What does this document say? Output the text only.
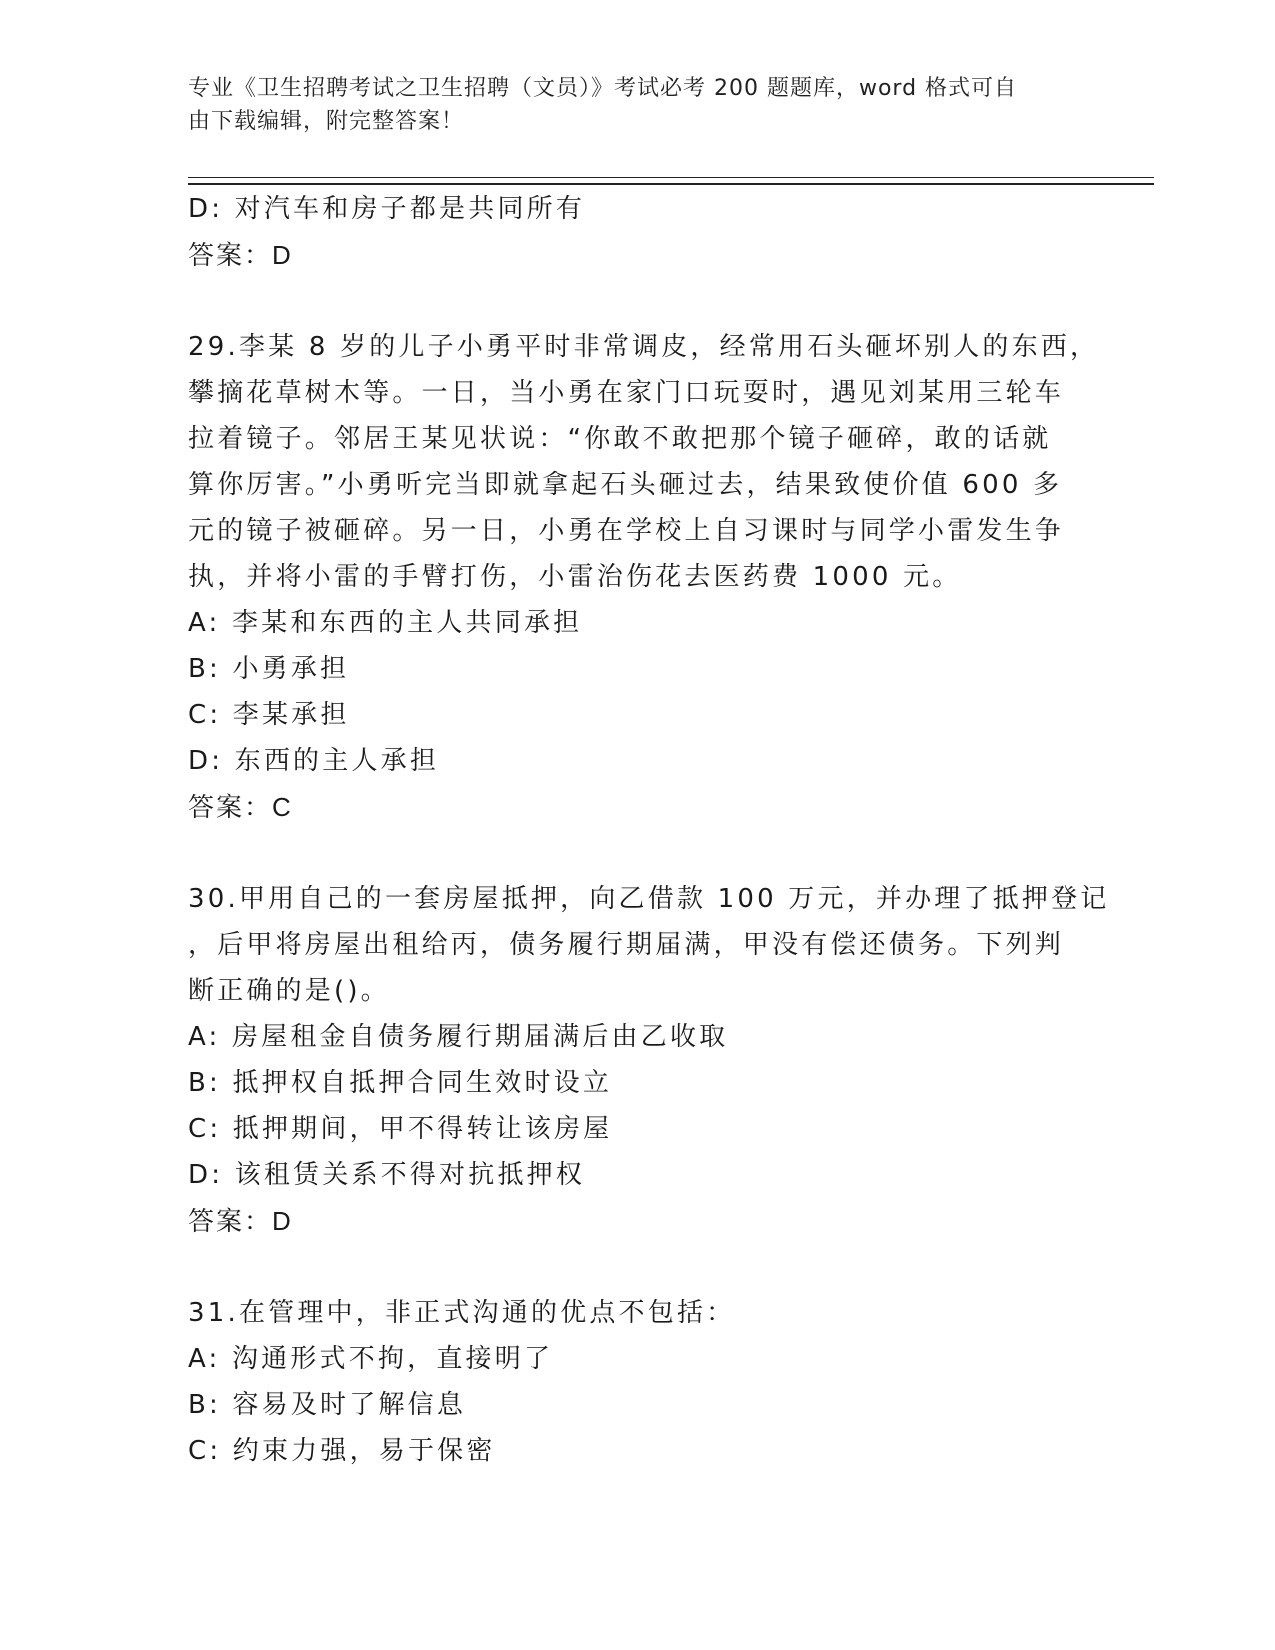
专业《卫生招聘考试之卫生招聘（文员）》考试必考 200 题题库，word 格式可自
由下载编辑，附完整答案！
D: 对汽车和房子都是共同所有
答案：D
29.李某 8 岁的儿子小勇平时非常调皮，经常用石头砸坏别人的东西，
攀摘花草树木等。一日，当小勇在家门口玩耍时，遇见刘某用三轮车
拉着镜子。邻居王某见状说：“你敢不敢把那个镜子砸碎，敢的话就
算你厉害。”小勇听完当即就拿起石头砸过去，结果致使价值 600 多
元的镜子被砸碎。另一日，小勇在学校上自习课时与同学小雷发生争
执，并将小雷的手臂打伤，小雷治伤花去医药费 1000 元。
A: 李某和东西的主人共同承担
B: 小勇承担
C: 李某承担
D: 东西的主人承担
答案：C
30.甲用自己的一套房屋抵押，向乙借款 100 万元，并办理了抵押登记
，后甲将房屋出租给丙，债务履行期届满，甲没有偿还债务。下列判
断正确的是()。
A: 房屋租金自债务履行期届满后由乙收取
B: 抵押权自抵押合同生效时设立
C: 抵押期间，甲不得转让该房屋
D: 该租赁关系不得对抗抵押权
答案：D
31.在管理中，非正式沟通的优点不包括：
A: 沟通形式不拘，直接明了
B: 容易及时了解信息
C: 约束力强，易于保密
